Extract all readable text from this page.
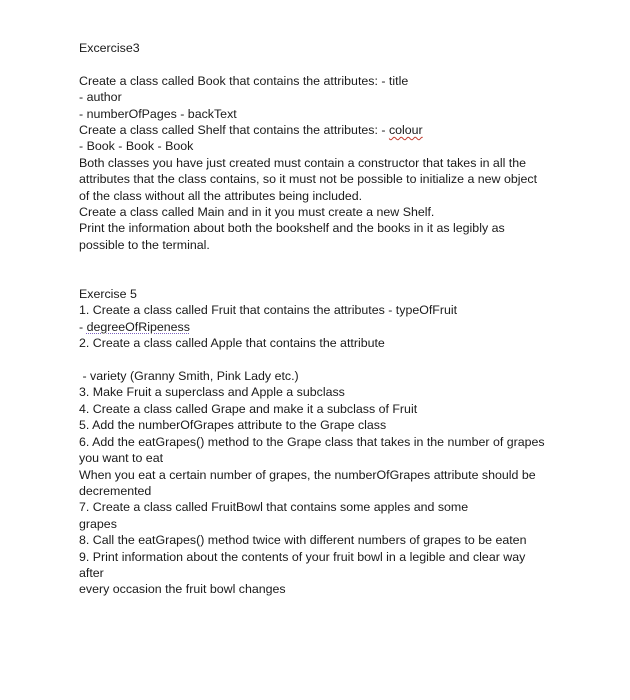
Excercise3
Create a class called Book that contains the attributes: - title
- author
- numberOfPages - backText
Create a class called Shelf that contains the attributes: - colour
- Book - Book - Book
Both classes you have just created must contain a constructor that takes in all the
attributes that the class contains, so it must not be possible to initialize a new object
of the class without all the attributes being included.
Create a class called Main and in it you must create a new Shelf.
Print the information about both the bookshelf and the books in it as legibly as
possible to the terminal.
Exercise 5
1. Create a class called Fruit that contains the attributes - typeOfFruit
- degreeOfRipeness
2. Create a class called Apple that contains the attribute
- variety (Granny Smith, Pink Lady etc.)
3. Make Fruit a superclass and Apple a subclass
4. Create a class called Grape and make it a subclass of Fruit
5. Add the numberOfGrapes attribute to the Grape class
6. Add the eatGrapes() method to the Grape class that takes in the number of grapes
you want to eat
When you eat a certain number of grapes, the numberOfGrapes attribute should be
decremented
7. Create a class called FruitBowl that contains some apples and some
grapes
8. Call the eatGrapes() method twice with different numbers of grapes to be eaten
9. Print information about the contents of your fruit bowl in a legible and clear way
after
every occasion the fruit bowl changes
